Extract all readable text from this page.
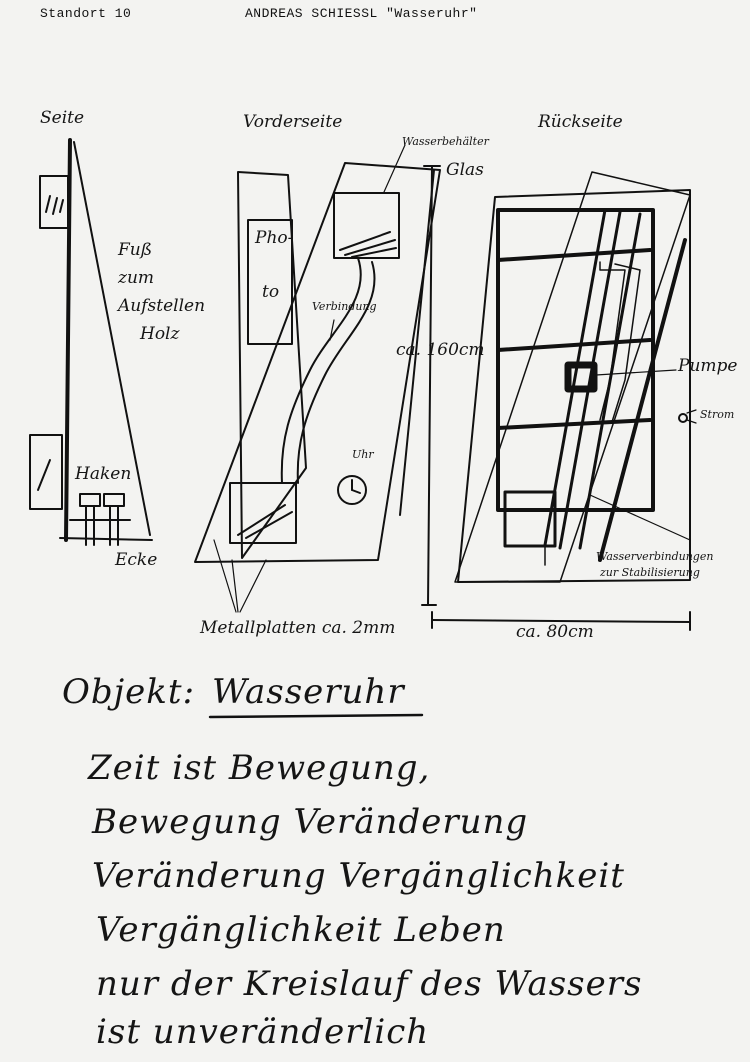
Standort 10	ANDREAS SCHIESSL "Wasseruhr"
Seite
Fuß
zum
Aufstellen
Holz
Haken
Ecke
Vorderseite
Pho-
to
Wasserbehälter
Glas
Verbindung
Uhr
Metallplatten ca. 2mm
ca. 160cm
ca. 80cm
Rückseite
Pumpe
Strom
Wasserverbindungen
zur Stabilisierung
Objekt: Wasseruhr
Zeit ist Bewegung,
Bewegung Veränderung
Veränderung Vergänglichkeit
Vergänglichkeit Leben
nur der Kreislauf des Wassers
ist unveränderlich
